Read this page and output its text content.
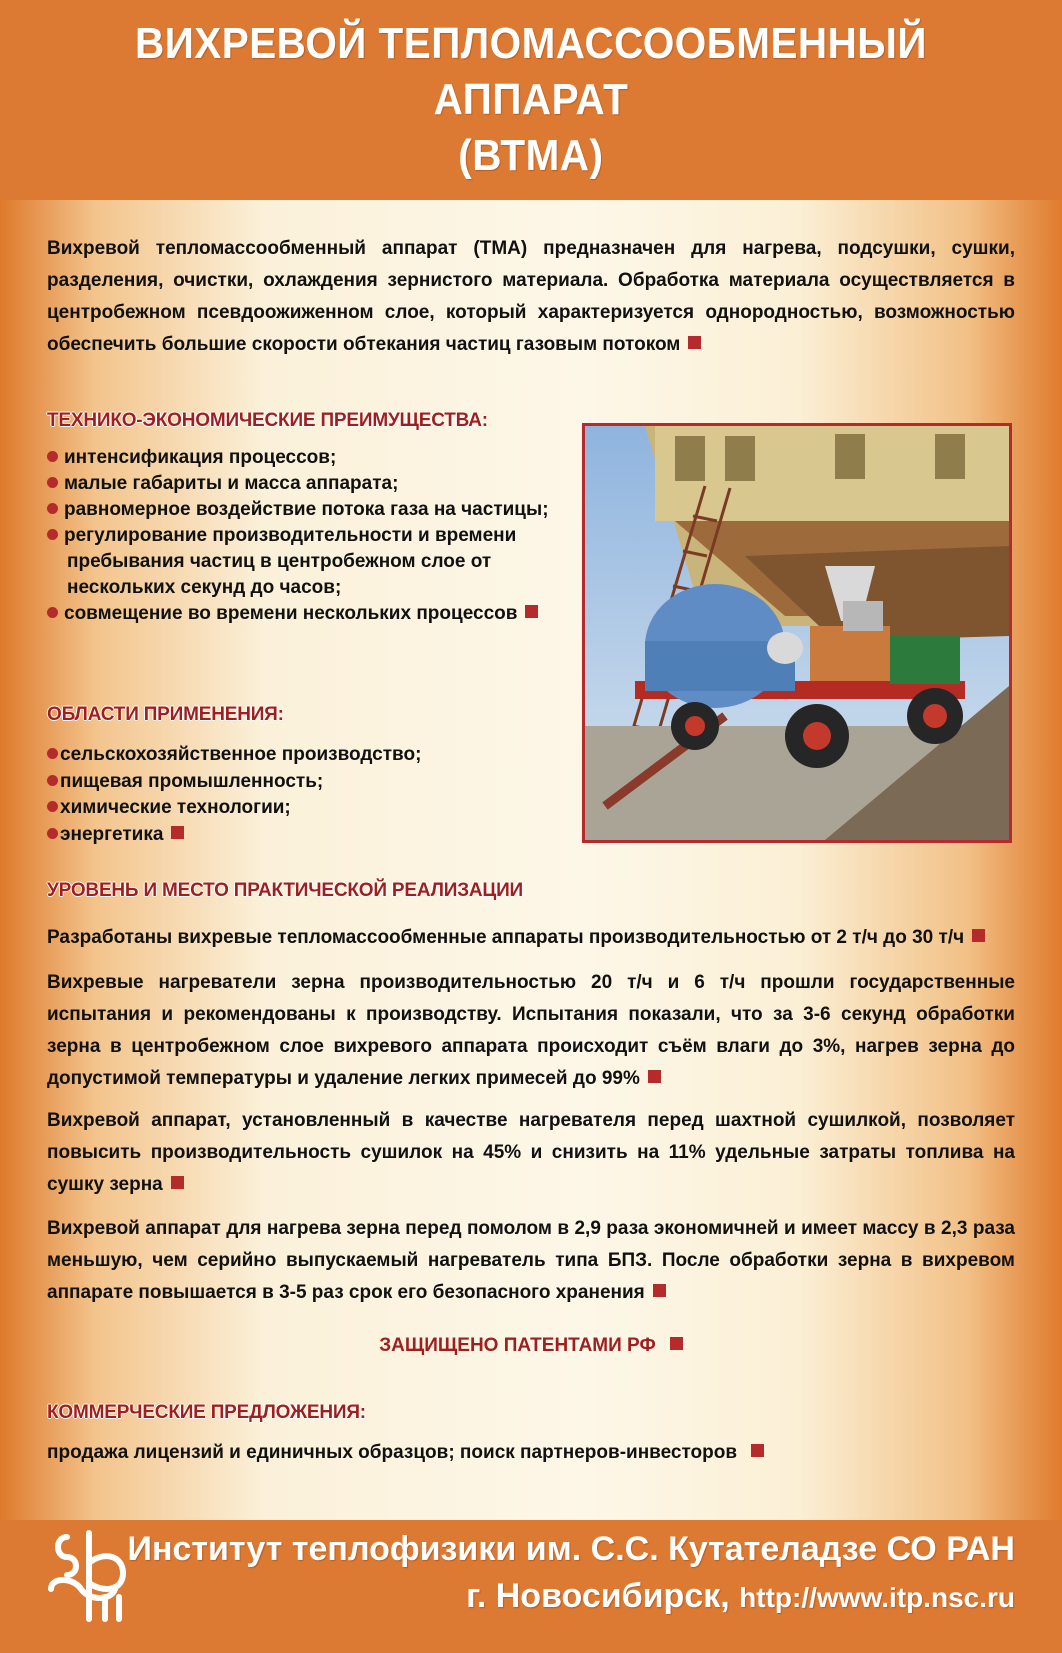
ВИХРЕВОЙ ТЕПЛОМАССООБМЕННЫЙ АППАРАТ
(ВТМА)
Вихревой тепломассообменный аппарат (ТМА) предназначен для нагрева, подсушки, сушки, разделения, очистки, охлаждения зернистого материала. Обработка материала осуществляется в центробежном псевдоожиженном слое, который характеризуется однородностью, возможностью обеспечить большие скорости обтекания частиц газовым потоком
ТЕХНИКО-ЭКОНОМИЧЕСКИЕ ПРЕИМУЩЕСТВА:
интенсификация процессов;
малые габариты и масса аппарата;
равномерное воздействие потока газа на частицы;
регулирование производительности и времени пребывания частиц в центробежном слое от нескольких секунд до часов;
совмещение во времени нескольких процессов
ОБЛАСТИ ПРИМЕНЕНИЯ:
сельскохозяйственное производство;
пищевая промышленность;
химические технологии;
энергетика
УРОВЕНЬ И МЕСТО ПРАКТИЧЕСКОЙ РЕАЛИЗАЦИИ
Разработаны вихревые тепломассообменные аппараты производительностью от 2 т/ч до 30 т/ч
Вихревые нагреватели зерна производительностью 20 т/ч и 6 т/ч прошли государственные испытания и рекомендованы к производству. Испытания показали, что за 3-6 секунд обработки зерна в центробежном слое вихревого аппарата происходит съём влаги до 3%, нагрев зерна до допустимой температуры и удаление легких примесей до 99%
Вихревой аппарат, установленный в качестве нагревателя перед шахтной сушилкой, позволяет повысить производительность сушилок на 45% и снизить на 11% удельные затраты топлива на сушку зерна
Вихревой аппарат для нагрева зерна перед помолом в 2,9 раза экономичней и имеет массу в 2,3 раза меньшую, чем серийно выпускаемый нагреватель типа БПЗ. После обработки зерна в вихревом аппарате повышается в 3-5 раз срок его безопасного хранения
ЗАЩИЩЕНО ПАТЕНТАМИ РФ
КОММЕРЧЕСКИЕ ПРЕДЛОЖЕНИЯ:
продажа лицензий и единичных образцов; поиск партнеров-инвесторов
Институт теплофизики им. С.С. Кутателадзе СО РАН
г. Новосибирск, http://www.itp.nsc.ru
